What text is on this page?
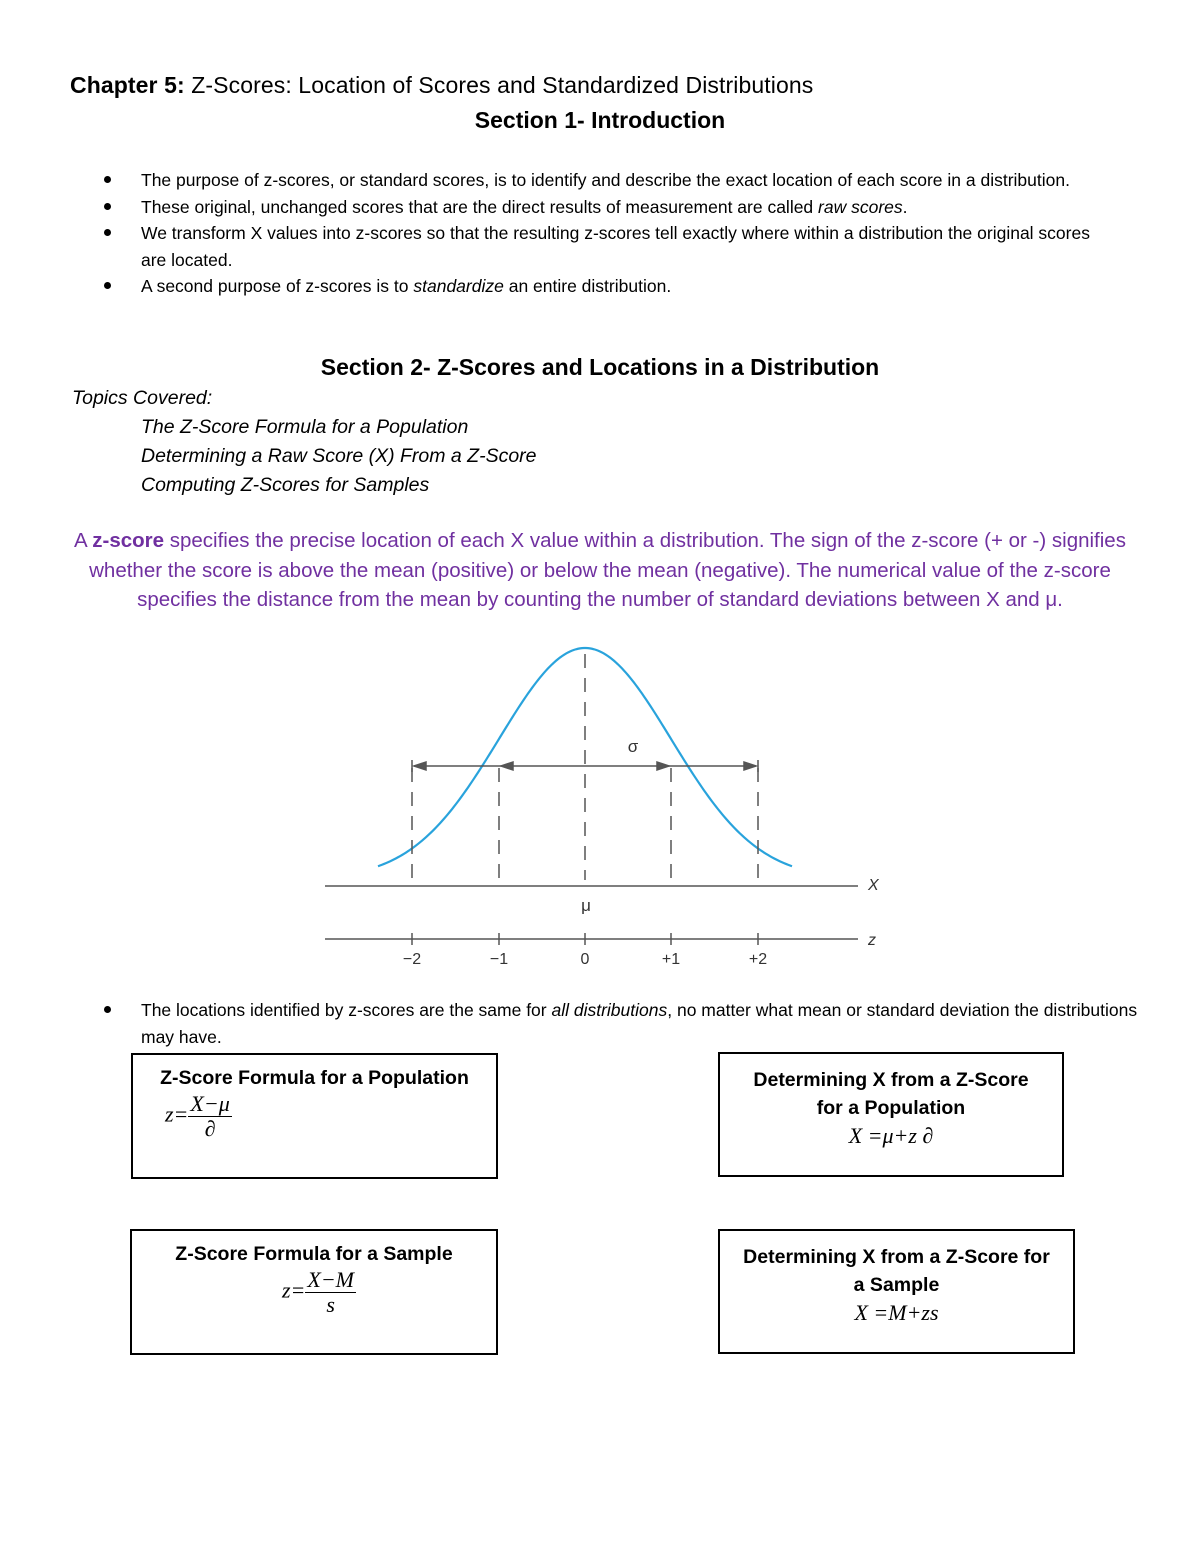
Chapter 5: Z-Scores: Location of Scores and Standardized Distributions
Section 1- Introduction
The purpose of z-scores, or standard scores, is to identify and describe the exact location of each score in a distribution.
These original, unchanged scores that are the direct results of measurement are called raw scores.
We transform X values into z-scores so that the resulting z-scores tell exactly where within a distribution the original scores are located.
A second purpose of z-scores is to standardize an entire distribution.
Section 2- Z-Scores and Locations in a Distribution
Topics Covered:
The Z-Score Formula for a Population
Determining a Raw Score (X) From a Z-Score
Computing Z-Scores for Samples
A z-score specifies the precise location of each X value within a distribution. The sign of the z-score (+ or -) signifies whether the score is above the mean (positive) or below the mean (negative). The numerical value of the z-score specifies the distance from the mean by counting the number of standard deviations between X and μ.
σ
X
μ
z
−2	−1	0	+1	+2
The locations identified by z-scores are the same for all distributions, no matter what mean or standard deviation the distributions may have.
Z-Score Formula for a Population
$z= \frac{X-\mu}{\partial}$
Determining X from a Z-Score
for a Population
X =μ+z ∂
Z-Score Formula for a Sample
$z= \frac{X-M}{s}$
Determining X from a Z-Score for
a Sample
X =M+zs
